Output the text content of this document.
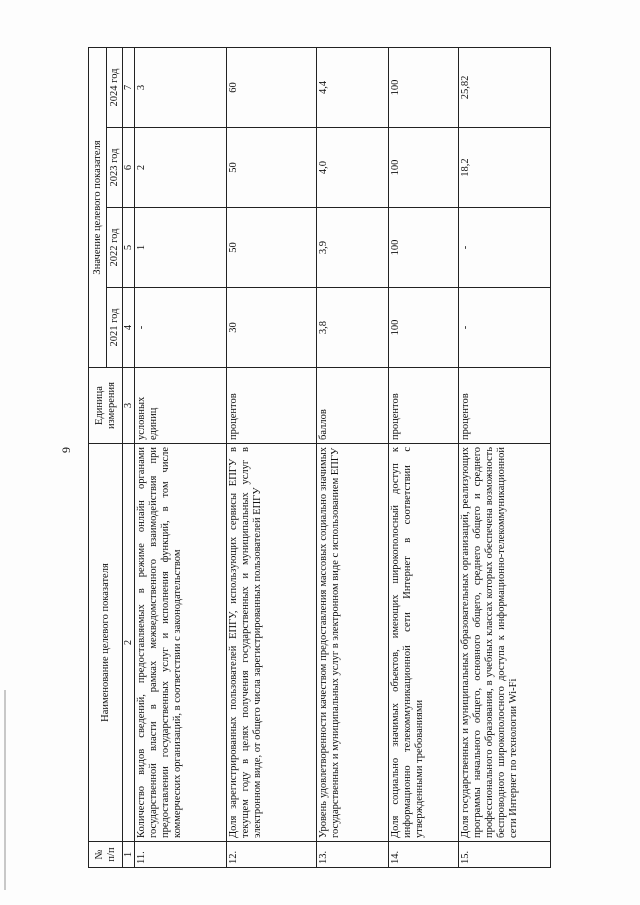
9
№ п/п	Наименование целевого показателя	Единица измерения	Значение целевого показателя			
			2021 год	2022 год	2023 год	2024 год
1	2	3	4	5	6	7
11.	Количество видов сведений, предоставляемых в режиме онлайн органами государственной власти в рамках межведомственного взаимодействия при предоставлении государственных услуг и исполнения функций, в том числе коммерческих организаций, в соответствии с законодательством	условных единиц	-	1	2	3
12.	Доля зарегистрированных пользователей ЕПГУ, использующих сервисы ЕПГУ в текущем году в целях получения государственных и муниципальных услуг в электронном виде, от общего числа зарегистрированных пользователей ЕПГУ	процентов	30	50	50	60
13.	Уровень удовлетворенности качеством предоставления массовых социально значимых государственных и муниципальных услуг в электронном виде с использованием ЕПГУ	баллов	3,8	3,9	4,0	4,4
14.	Доля социально значимых объектов, имеющих широкополосный доступ к информационно телекоммуникационной сети Интернет в соответствии с утвержденными требованиями	процентов	100	100	100	100
15.	Доля государственных и муниципальных образовательных организаций, реализующих программы начального общего, основного общего, среднего общего и среднего профессионального образования, в учебных классах которых обеспечена возможность беспроводного широкополосного доступа к информационно-телекоммуникационной сети Интернет по технологии Wi-Fi	процентов	-	-	18,2	25,82
